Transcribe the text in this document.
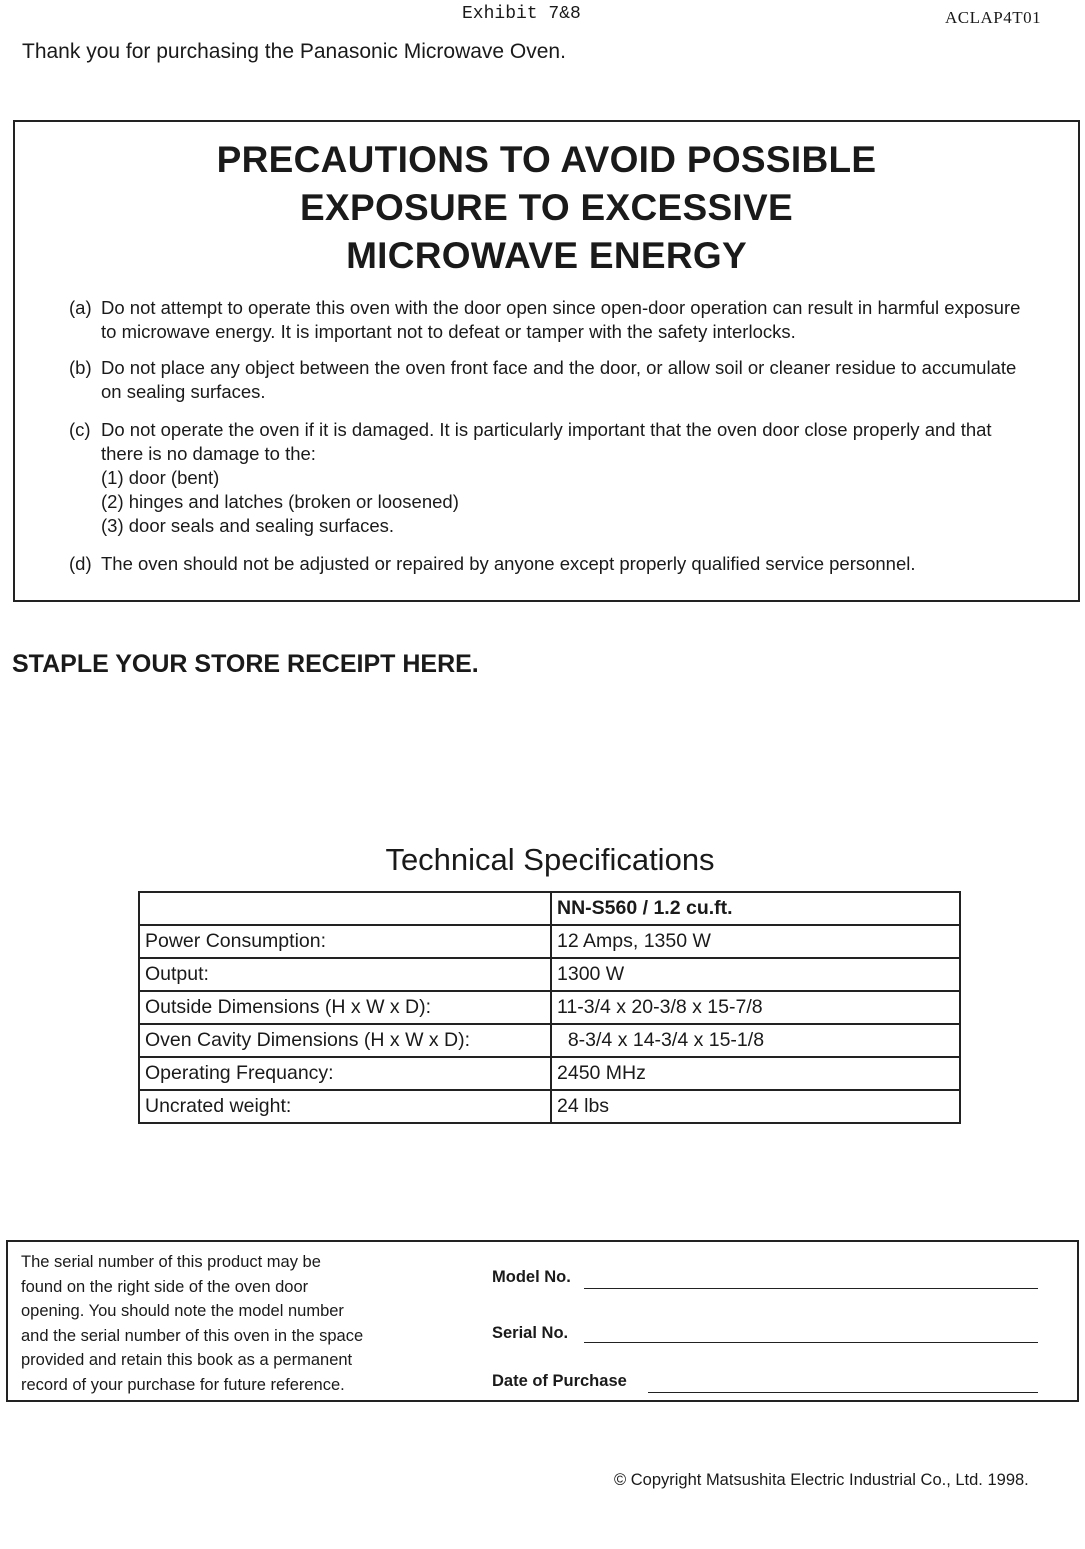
Exhibit 7&8	ACLAP4T01
Thank you for purchasing the Panasonic Microwave Oven.
PRECAUTIONS TO AVOID POSSIBLE
EXPOSURE TO EXCESSIVE
MICROWAVE ENERGY
(a) Do not attempt to operate this oven with the door open since open-door operation can result in harmful exposure to microwave energy. It is important not to defeat or tamper with the safety interlocks.
(b) Do not place any object between the oven front face and the door, or allow soil or cleaner residue to accumulate on sealing surfaces.
(c) Do not operate the oven if it is damaged. It is particularly important that the oven door close properly and that there is no damage to the:
(1) door (bent)
(2) hinges and latches (broken or loosened)
(3) door seals and sealing surfaces.
(d) The oven should not be adjusted or repaired by anyone except properly qualified service personnel.
STAPLE YOUR STORE RECEIPT HERE.
Technical Specifications
	NN-S560 / 1.2 cu.ft.
Power Consumption:	12 Amps, 1350 W
Output:	1300 W
Outside Dimensions (H x W x D):	11-3/4 x 20-3/8 x 15-7/8
Oven Cavity Dimensions (H x W x D):	8-3/4 x 14-3/4 x 15-1/8
Operating Frequancy:	2450 MHz
Uncrated weight:	24 lbs
The serial number of this product may be
found on the right side of the oven door
opening. You should note the model number
and the serial number of this oven in the space
provided and retain this book as a permanent
record of your purchase for future reference.
Model No.
Serial No.
Date of Purchase
© Copyright Matsushita Electric Industrial Co., Ltd. 1998.
